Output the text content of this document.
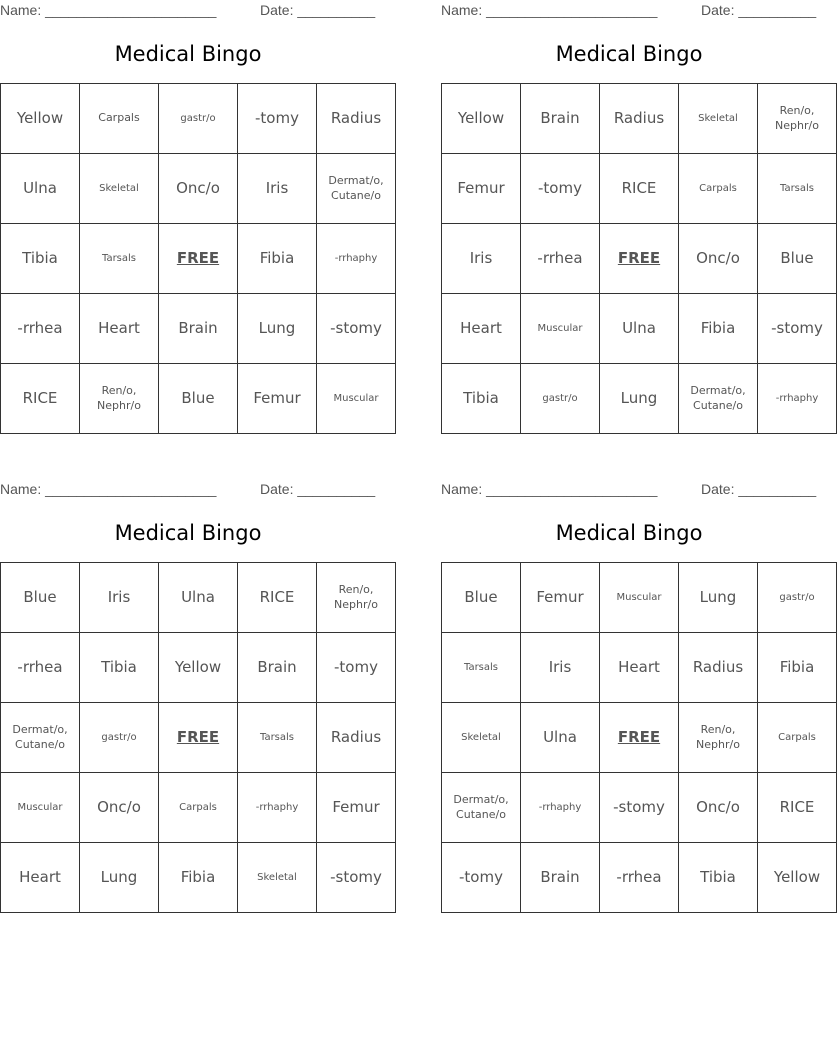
Name: ______________________	Date: __________
Medical Bingo
Yellow	Carpals	gastr/o	-tomy	Radius
Ulna	Skeletal	Onc/o	Iris	Dermat/o, Cutane/o
Tibia	Tarsals	FREE	Fibia	-rrhaphy
-rrhea	Heart	Brain	Lung	-stomy
RICE	Ren/o, Nephr/o	Blue	Femur	Muscular
Name: ______________________	Date: __________
Medical Bingo
Yellow	Brain	Radius	Skeletal	Ren/o, Nephr/o
Femur	-tomy	RICE	Carpals	Tarsals
Iris	-rrhea	FREE	Onc/o	Blue
Heart	Muscular	Ulna	Fibia	-stomy
Tibia	gastr/o	Lung	Dermat/o, Cutane/o	-rrhaphy
Name: ______________________	Date: __________
Medical Bingo
Blue	Iris	Ulna	RICE	Ren/o, Nephr/o
-rrhea	Tibia	Yellow	Brain	-tomy
Dermat/o, Cutane/o	gastr/o	FREE	Tarsals	Radius
Muscular	Onc/o	Carpals	-rrhaphy	Femur
Heart	Lung	Fibia	Skeletal	-stomy
Name: ______________________	Date: __________
Medical Bingo
Blue	Femur	Muscular	Lung	gastr/o
Tarsals	Iris	Heart	Radius	Fibia
Skeletal	Ulna	FREE	Ren/o, Nephr/o	Carpals
Dermat/o, Cutane/o	-rrhaphy	-stomy	Onc/o	RICE
-tomy	Brain	-rrhea	Tibia	Yellow
